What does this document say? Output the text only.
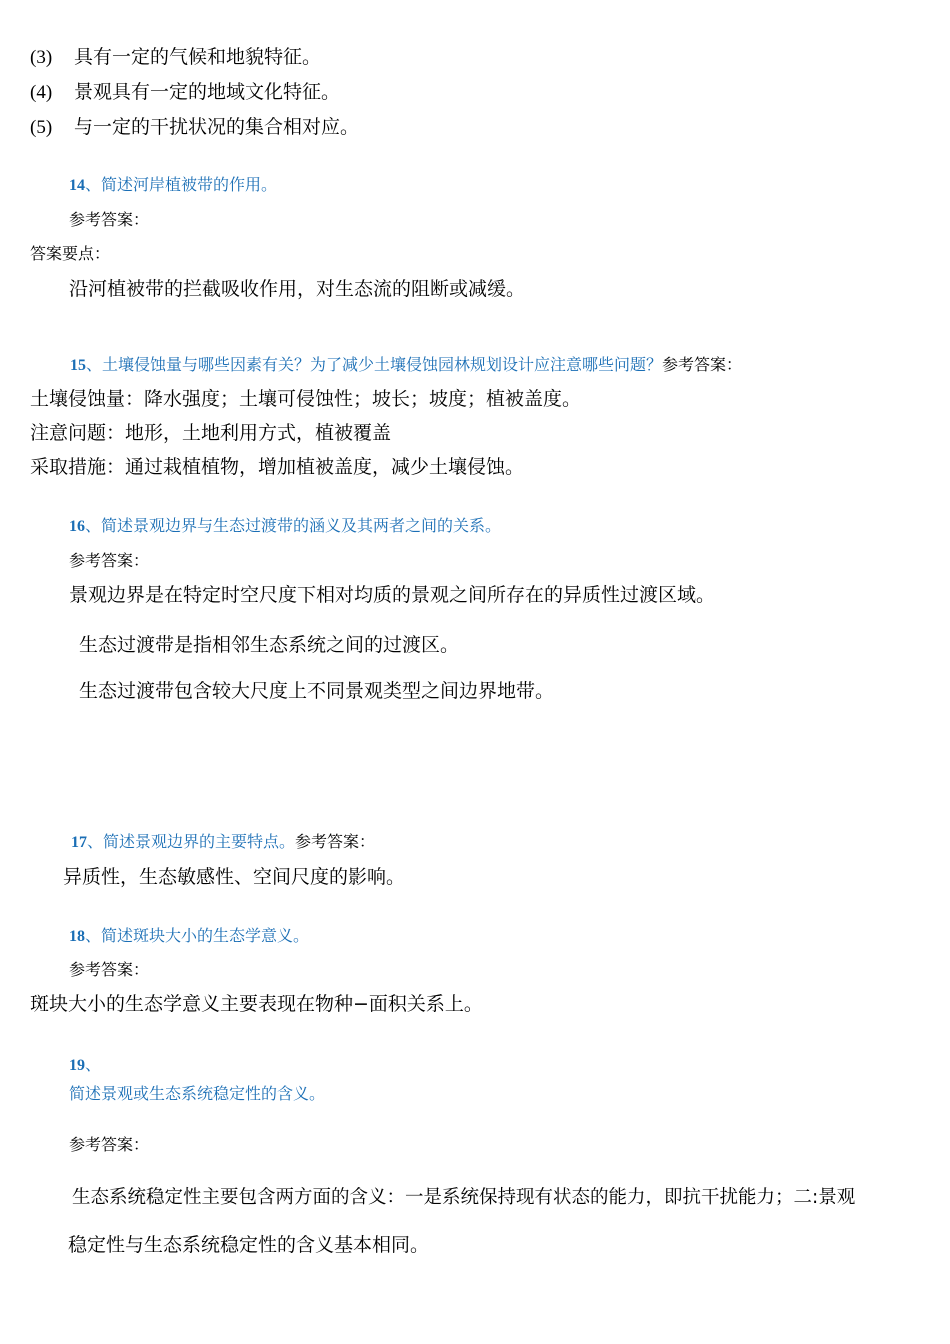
(3) 具有一定的气候和地貌特征。
(4) 景观具有一定的地域文化特征。
(5) 与一定的干扰状况的集合相对应。
14、简述河岸植被带的作用。
参考答案：
答案要点：
沿河植被带的拦截吸收作用，对生态流的阻断或减缓。
15、土壤侵蚀量与哪些因素有关？为了减少土壤侵蚀园林规划设计应注意哪些问题？参考答案：
土壤侵蚀量：降水强度；土壤可侵蚀性；坡长；坡度；植被盖度。
注意问题：地形，土地利用方式，植被覆盖
采取措施：通过栽植植物，增加植被盖度，减少土壤侵蚀。
16、简述景观边界与生态过渡带的涵义及其两者之间的关系。
参考答案：
景观边界是在特定时空尺度下相对均质的景观之间所存在的异质性过渡区域。
生态过渡带是指相邻生态系统之间的过渡区。
生态过渡带包含较大尺度上不同景观类型之间边界地带。
17、简述景观边界的主要特点。参考答案：
异质性，生态敏感性、空间尺度的影响。
18、简述斑块大小的生态学意义。
参考答案：
斑块大小的生态学意义主要表现在物种−面积关系上。
19、
简述景观或生态系统稳定性的含义。
参考答案：
生态系统稳定性主要包含两方面的含义：一是系统保持现有状态的能力，即抗干扰能力；二:景观
稳定性与生态系统稳定性的含义基本相同。
